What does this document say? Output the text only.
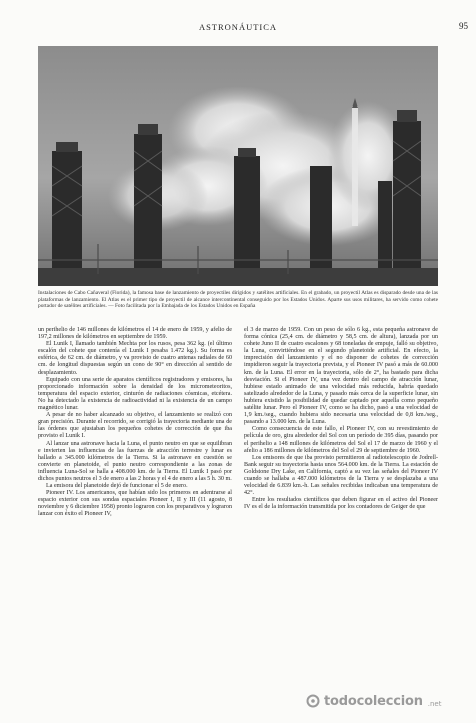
ASTRONÁUTICA	95
Instalaciones de Cabo Cañaveral (Florida), la famosa base de lanzamiento de proyectiles dirigidos y satélites artificiales. En el grabado, un proyectil Atlas es disparado desde una de las plataformas de lanzamiento. El Atlas es el primer tipo de proyectil de alcance intercontinental conseguido por los Estados Unidos. Aparte sus usos militares, ha servido como cohete portador de satélites artificiales. — Foto facilitada por la Embajada de los Estados Unidos en España

un perihelio de 146 millones de kilómetros el 14 de enero de 1959, y afelio de 197,2 millones de kilómetros en septiembre de 1959.

El Lunik I, llamado también Mechta por los rusos, pesa 362 kg. (el último escalón del cohete que contenía el Lunik I pesaba 1.472 kg.). Su forma es esférica, de 62 cm. de diámetro, y va provisto de cuatro antenas radiales de 60 cm. de longitud dispuestas según un cono de 90° en dirección al sentido de desplazamiento.

Equipado con una serie de aparatos científicos registradores y emisores, ha proporcionado información sobre la densidad de los micrometeoritos, temperatura del espacio exterior, cinturón de radiaciones cósmicas, etcétera. No ha detectado la existencia de radioactividad ni la existencia de un campo magnético lunar.

A pesar de no haber alcanzado su objetivo, el lanzamiento se realizó con gran precisión. Durante el recorrido, se corrigió la trayectoria mediante una de las órdenes que ajustaban los pequeños cohetes de corrección de que iba provisto el Lunik I.

Al lanzar una astronave hacia la Luna, el punto neutro en que se equilibran e invierten las influencias de las fuerzas de atracción terrestre y lunar es hallado a 345.000 kilómetros de la Tierra. Si la astronave en cuestión se convierte en planetoide, el punto neutro correspondiente a las zonas de influencia Luna-Sol se halla a 408.000 km. de la Tierra. El Lunik I pasó por dichos puntos neutros el 3 de enero a las 2 horas y el 4 de enero a las 5 h. 30 m.

La emisora del planetoide dejó de funcionar el 5 de enero.

Pioneer IV. Los americanos, que habían sido los primeros en adentrarse al espacio exterior con sus sondas espaciales Pioneer I, II y III (11 agosto, 8 noviembre y 6 diciembre 1958) pronto lograron con los preparativos y lograron lanzar con éxito el Pioneer IV,

el 3 de marzo de 1959. Con un peso de sólo 6 kg., esta pequeña astronave de forma cónica (25,4 cm. de diámetro y 58,5 cm. de altura), lanzada por un cohete Juno II de cuatro escalones y 68 toneladas de empuje, falló su objetivo, la Luna, convirtiéndose en el segundo planetoide artificial. En efecto, la imprecisión del lanzamiento y el no disponer de cohetes de corrección impidieron seguir la trayectoria prevista, y el Pioneer IV pasó a más de 60.000 km. de la Luna. El error en la trayectoria, sólo de 2°, ha bastado para dicha desviación. Si el Pioneer IV, una vez dentro del campo de atracción lunar, hubiese estado animado de una velocidad más reducida, habría quedado satelizado alrededor de la Luna, y pasado más cerca de la superficie lunar, sin hubiera existido la posibilidad de quedar captado por aquella como pequeño satélite lunar. Pero el Pioneer IV, como se ha dicho, pasó a una velocidad de 1,9 km./seg., cuando hubiera sido necesaria una velocidad de 0,8 km./seg., pasando a 13.000 km. de la Luna.

Como consecuencia de este fallo, el Pioneer IV, con su revestimiento de película de oro, gira alrededor del Sol con un período de 395 días, pasando por el perihelio a 148 millones de kilómetros del Sol el 17 de marzo de 1960 y el afelio a 186 millones de kilómetros del Sol el 29 de septiembre de 1960.

Los emisores de que iba provisto permitieron al radiotelescopio de Jodrell-Bank seguir su trayectoria hasta unos 564.000 km. de la Tierra. La estación de Goldstone Dry Lake, en California, captó a su vez las señales del Pioneer IV cuando se hallaba a 487.000 kilómetros de la Tierra y se desplazaba a una velocidad de 6.839 km.-h. Las señales recibidas indicaban una temperatura de 42°.

Entre los resultados científicos que deben figurar en el activo del Pioneer IV es el de la información transmitida por los contadores de Geiger de que

todocoleccion .net
